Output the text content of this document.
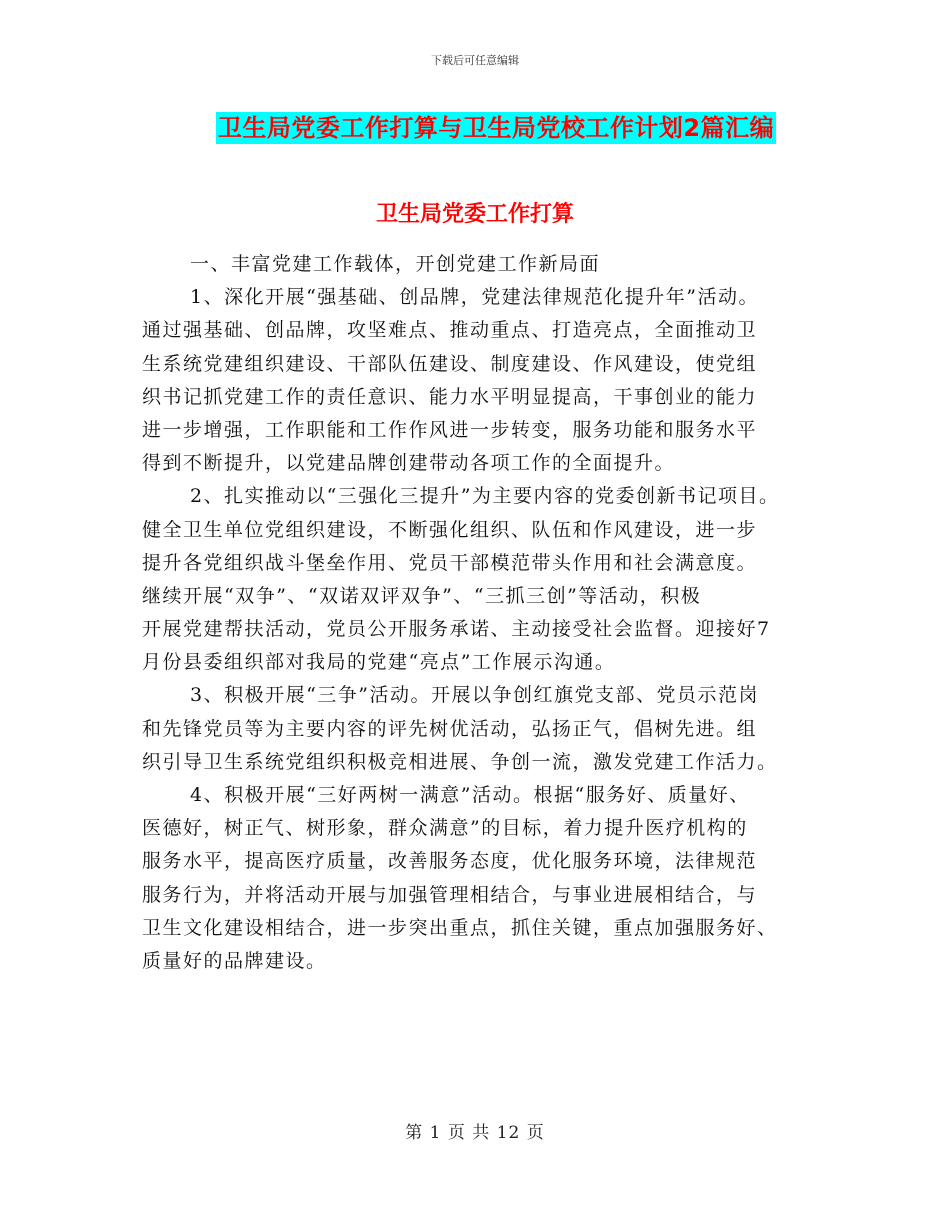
下载后可任意编辑
卫生局党委工作打算与卫生局党校工作计划2篇汇编
卫生局党委工作打算
一、丰富党建工作载体，开创党建工作新局面
1、深化开展“强基础、创品牌，党建法律规范化提升年”活动。
通过强基础、创品牌，攻坚难点、推动重点、打造亮点，全面推动卫
生系统党建组织建设、干部队伍建设、制度建设、作风建设，使党组
织书记抓党建工作的责任意识、能力水平明显提高，干事创业的能力
进一步增强，工作职能和工作作风进一步转变，服务功能和服务水平
得到不断提升，以党建品牌创建带动各项工作的全面提升。
2、扎实推动以“三强化三提升”为主要内容的党委创新书记项目。
健全卫生单位党组织建设，不断强化组织、队伍和作风建设，进一步
提升各党组织战斗堡垒作用、党员干部模范带头作用和社会满意度。
继续开展“双争”、“双诺双评双争”、“三抓三创”等活动，积极
开展党建帮扶活动，党员公开服务承诺、主动接受社会监督。迎接好7
月份县委组织部对我局的党建“亮点”工作展示沟通。
3、积极开展“三争”活动。开展以争创红旗党支部、党员示范岗
和先锋党员等为主要内容的评先树优活动，弘扬正气，倡树先进。组
织引导卫生系统党组织积极竞相进展、争创一流，激发党建工作活力。
4、积极开展“三好两树一满意”活动。根据“服务好、质量好、
医德好，树正气、树形象，群众满意”的目标，着力提升医疗机构的
服务水平，提高医疗质量，改善服务态度，优化服务环境，法律规范
服务行为，并将活动开展与加强管理相结合，与事业进展相结合，与
卫生文化建设相结合，进一步突出重点，抓住关键，重点加强服务好、
质量好的品牌建设。
第 1 页 共 12 页
